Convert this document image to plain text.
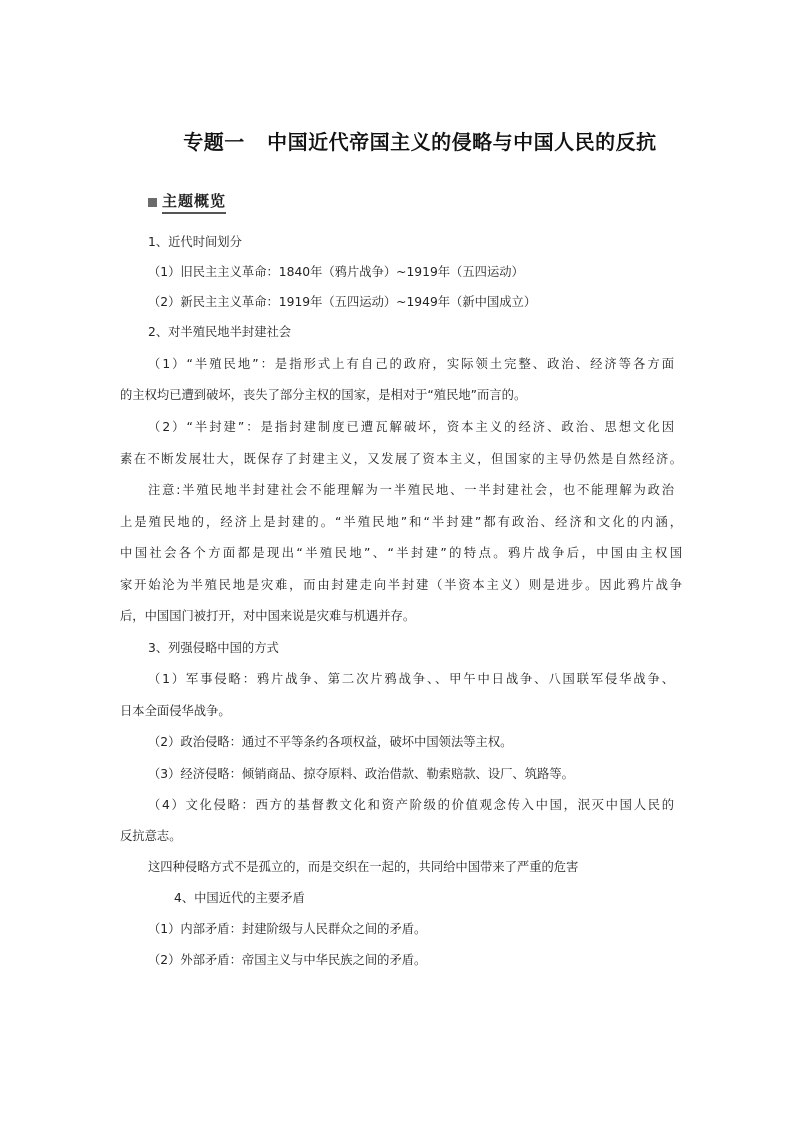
专题一   中国近代帝国主义的侵略与中国人民的反抗
主题概览
1、近代时间划分
（1）旧民主主义革命：1840年（鸦片战争）~1919年（五四运动）
（2）新民主主义革命：1919年（五四运动）~1949年（新中国成立）
2、对半殖民地半封建社会
（1）“半殖民地”：是指形式上有自己的政府，实际领土完整、政治、经济等各方面
的主权均已遭到破坏，丧失了部分主权的国家，是相对于“殖民地”而言的。
（2）“半封建”：是指封建制度已遭瓦解破坏，资本主义的经济、政治、思想文化因
素在不断发展壮大，既保存了封建主义，又发展了资本主义，但国家的主导仍然是自然经济。
注意:半殖民地半封建社会不能理解为一半殖民地、一半封建社会，也不能理解为政治
上是殖民地的，经济上是封建的。“半殖民地”和“半封建”都有政治、经济和文化的内涵，
中国社会各个方面都是现出“半殖民地”、“半封建”的特点。鸦片战争后，中国由主权国
家开始沦为半殖民地是灾难，而由封建走向半封建（半资本主义）则是进步。因此鸦片战争
后，中国国门被打开，对中国来说是灾难与机遇并存。
3、列强侵略中国的方式
（1）军事侵略：鸦片战争、第二次片鸦战争、、甲午中日战争、八国联军侵华战争、
日本全面侵华战争。
（2）政治侵略：通过不平等条约各项权益，破坏中国领法等主权。
（3）经济侵略：倾销商品、掠夺原料、政治借款、勒索赔款、设厂、筑路等。
（4）文化侵略：西方的基督教文化和资产阶级的价值观念传入中国，泯灭中国人民的
反抗意志。
这四种侵略方式不是孤立的，而是交织在一起的，共同给中国带来了严重的危害
4、中国近代的主要矛盾
（1）内部矛盾：封建阶级与人民群众之间的矛盾。
（2）外部矛盾：帝国主义与中华民族之间的矛盾。
